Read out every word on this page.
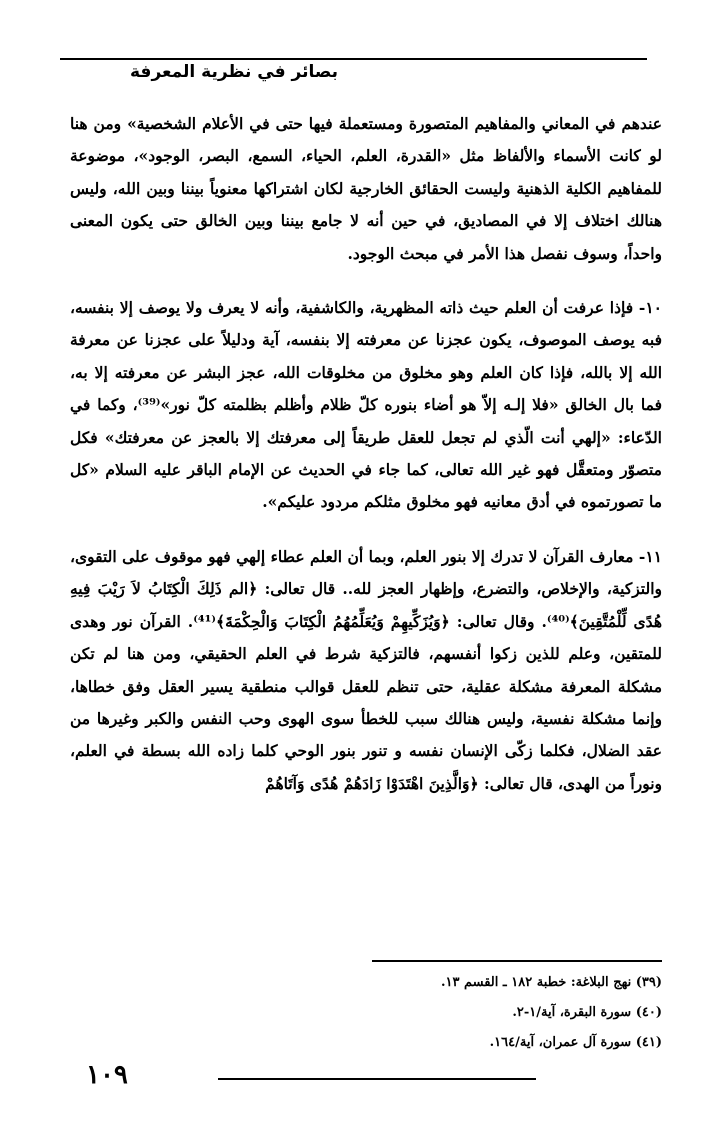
بصائر في نظرية المعرفة

عندهم في المعاني والمفاهيم المتصورة ومستعملة فيها حتى في الأعلام الشخصية» ومن هنا لو كانت الأسماء والألفاظ مثل «القدرة، العلم، الحياء، السمع، البصر، الوجود»، موضوعة للمفاهيم الكلية الذهنية وليست الحقائق الخارجية لكان اشتراكها معنوياً بيننا وبين الله، وليس هنالك اختلاف إلا في المصاديق، في حين أنه لا جامع بيننا وبين الخالق حتى يكون المعنى واحداً، وسوف نفصل هذا الأمر في مبحث الوجود.

١٠- فإذا عرفت أن العلم حيث ذاته المظهرية، والكاشفية، وأنه لا يعرف ولا يوصف إلا بنفسه، فبه يوصف الموصوف، يكون عجزنا عن معرفته إلا بنفسه، آية ودليلاً على عجزنا عن معرفة الله إلا بالله، فإذا كان العلم وهو مخلوق من مخلوقات الله، عجز البشر عن معرفته إلا به، فما بال الخالق «فلا إلـه إلاّ هو أضاء بنوره كلّ ظلام وأظلم بظلمته كلّ نور»⁽³⁹⁾، وكما في الدّعاء: «إلهي أنت الّذي لم تجعل للعقل طريقاً إلى معرفتك إلا بالعجز عن معرفتك» فكل متصوّر ومتعقَّل فهو غير الله تعالى، كما جاء في الحديث عن الإمام الباقر عليه السلام «كل ما تصورتموه في أدق معانيه فهو مخلوق مثلكم مردود عليكم».

١١- معارف القرآن لا تدرك إلا بنور العلم، وبما أن العلم عطاء إلهي فهو موقوف على التقوى، والتزكية، والإخلاص، والتضرع، وإظهار العجز لله.. قال تعالى: ﴿الم ذَلِكَ الْكِتَابُ لاَ رَيْبَ فِيهِ هُدًى لِّلْمُتَّقِينَ﴾⁽⁴⁰⁾. وقال تعالى: ﴿وَيُزَكِّيهِمْ وَيُعَلِّمُهُمُ الْكِتَابَ وَالْحِكْمَةَ﴾⁽⁴¹⁾. القرآن نور وهدى للمتقين، وعلم للذين زكوا أنفسهم، فالتزكية شرط في العلم الحقيقي، ومن هنا لم تكن مشكلة المعرفة مشكلة عقلية، حتى تنظم للعقل قوالب منطقية يسير العقل وفق خطاها، وإنما مشكلة نفسية، وليس هنالك سبب للخطأ سوى الهوى وحب النفس والكبر وغيرها من عقد الضلال، فكلما زكّى الإنسان نفسه و تنور بنور الوحي كلما زاده الله بسطة في العلم، ونوراً من الهدى، قال تعالى: ﴿وَالَّذِينَ اهْتَدَوْا زَادَهُمْ هُدًى وَآتَاهُمْ

(٣٩) نهج البلاغة: خطبة ١٨٢ ـ القسم ١٣.
(٤٠) سورة البقرة، آية/١-٢.
(٤١) سورة آل عمران، آية/١٦٤.
١٠٩
